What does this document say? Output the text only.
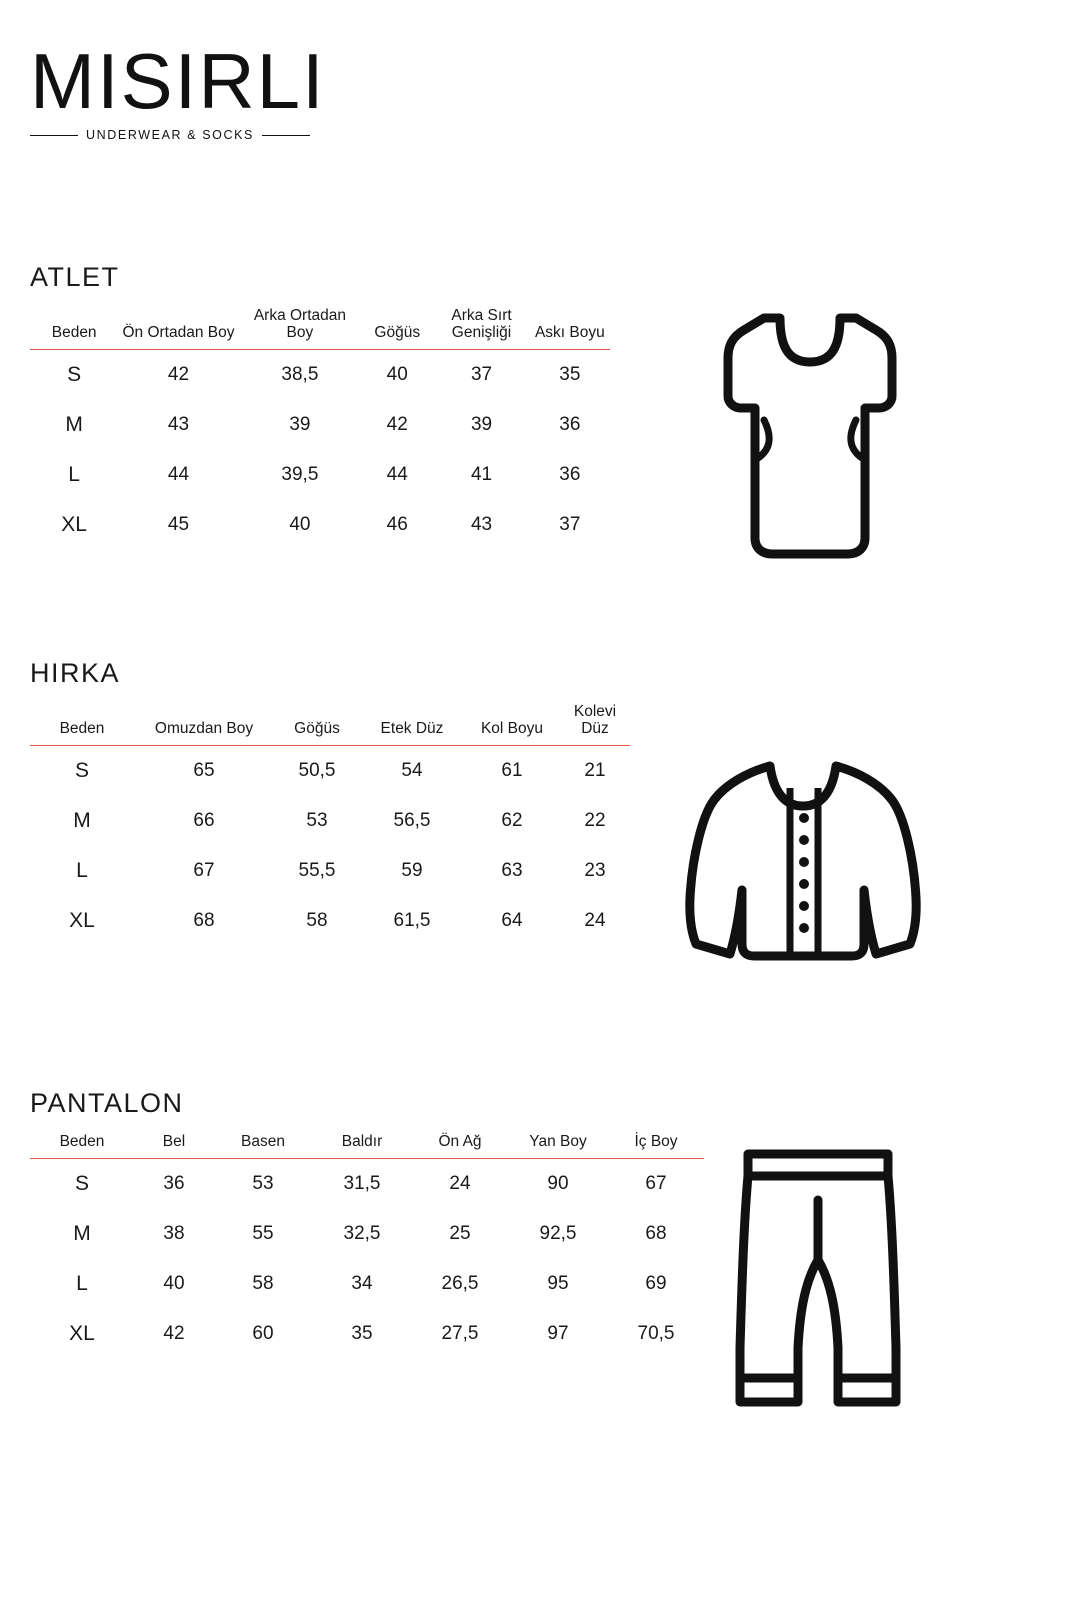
MISIRLI
UNDERWEAR & SOCKS
ATLET
Beden	Ön Ortadan Boy	Arka Ortadan Boy	Göğüs	Arka Sırt Genişliği	Askı Boyu
S	42	38,5	40	37	35
M	43	39	42	39	36
L	44	39,5	44	41	36
XL	45	40	46	43	37
HIRKA
Beden	Omuzdan Boy	Göğüs	Etek Düz	Kol Boyu	Kolevi Düz
S	65	50,5	54	61	21
M	66	53	56,5	62	22
L	67	55,5	59	63	23
XL	68	58	61,5	64	24
PANTALON
Beden	Bel	Basen	Baldır	Ön Ağ	Yan Boy	İç Boy
S	36	53	31,5	24	90	67
M	38	55	32,5	25	92,5	68
L	40	58	34	26,5	95	69
XL	42	60	35	27,5	97	70,5
